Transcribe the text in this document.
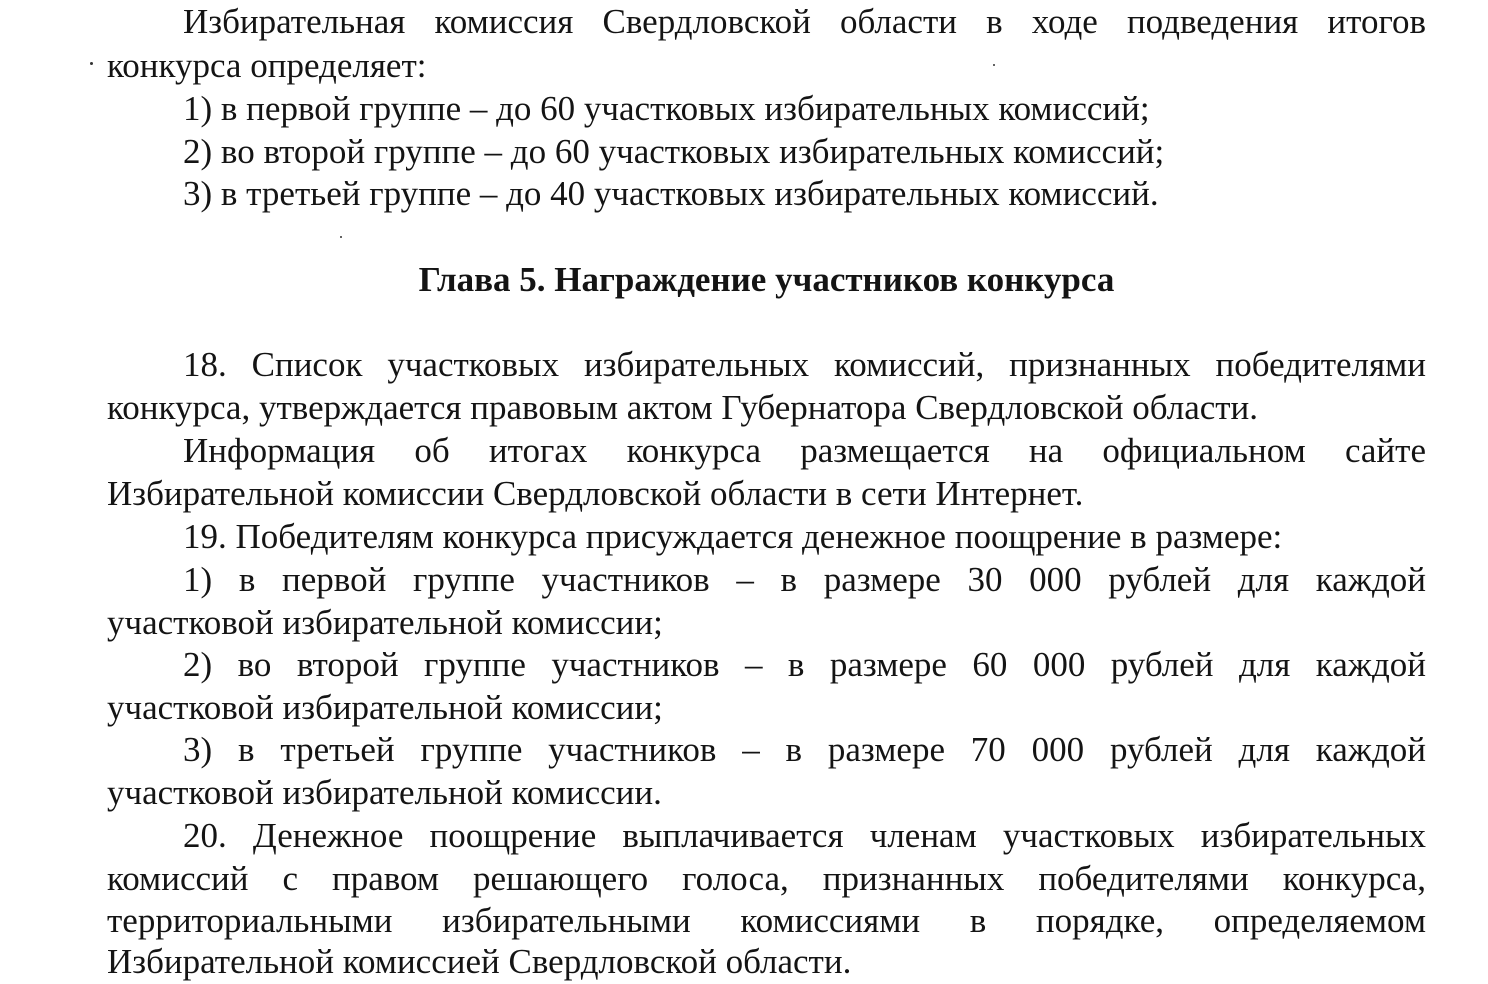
Избирательная комиссия Свердловской области в ходе подведения итогов
конкурса определяет:
1) в первой группе – до 60 участковых избирательных комиссий;
2) во второй группе – до 60 участковых избирательных комиссий;
3) в третьей группе – до 40 участковых избирательных комиссий.
Глава 5. Награждение участников конкурса
18. Список участковых избирательных комиссий, признанных победителями
конкурса, утверждается правовым актом Губернатора Свердловской области.
Информация об итогах конкурса размещается на официальном сайте
Избирательной комиссии Свердловской области в сети Интернет.
19. Победителям конкурса присуждается денежное поощрение в размере:
1) в первой группе участников – в размере 30 000 рублей для каждой
участковой избирательной комиссии;
2) во второй группе участников – в размере 60 000 рублей для каждой
участковой избирательной комиссии;
3) в третьей группе участников – в размере 70 000 рублей для каждой
участковой избирательной комиссии.
20. Денежное поощрение выплачивается членам участковых избирательных
комиссий с правом решающего голоса, признанных победителями конкурса,
территориальными избирательными комиссиями в порядке, определяемом
Избирательной комиссией Свердловской области.
